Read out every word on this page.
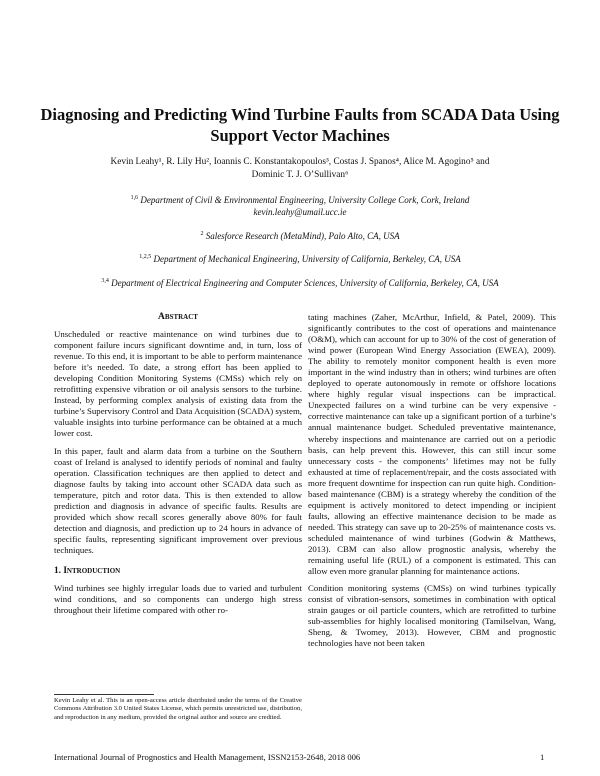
Diagnosing and Predicting Wind Turbine Faults from SCADA Data Using Support Vector Machines
Kevin Leahy¹, R. Lily Hu², Ioannis C. Konstantakopoulos³, Costas J. Spanos⁴, Alice M. Agogino⁵ and
Dominic T. J. O’Sullivan⁶
$^{1,6}$ Department of Civil & Environmental Engineering, University College Cork, Cork, Ireland
kevin.leahy@umail.ucc.ie
$^2$ Salesforce Research (MetaMind), Palo Alto, CA, USA
$^{1,2,5}$ Department of Mechanical Engineering, University of California, Berkeley, CA, USA
$^{3,4}$ Department of Electrical Engineering and Computer Sciences, University of California, Berkeley, CA, USA
Abstract

Unscheduled or reactive maintenance on wind turbines due to component failure incurs significant downtime and, in turn, loss of revenue. To this end, it is important to be able to perform maintenance before it’s needed. To date, a strong effort has been applied to developing Condition Monitoring Systems (CMSs) which rely on retrofitting expensive vibration or oil analysis sensors to the turbine. Instead, by performing complex analysis of existing data from the turbine’s Supervisory Control and Data Acquisition (SCADA) system, valuable insights into turbine performance can be obtained at a much lower cost.

In this paper, fault and alarm data from a turbine on the Southern coast of Ireland is analysed to identify periods of nominal and faulty operation. Classification techniques are then applied to detect and diagnose faults by taking into account other SCADA data such as temperature, pitch and rotor data. This is then extended to allow prediction and diagnosis in advance of specific faults. Results are provided which show recall scores generally above 80% for fault detection and diagnosis, and prediction up to 24 hours in advance of specific faults, representing significant improvement over previous techniques.

1. Introduction

Wind turbines see highly irregular loads due to varied and turbulent wind conditions, and so components can undergo high stress throughout their lifetime compared with other ro-

tating machines (Zaher, McArthur, Infield, & Patel, 2009). This significantly contributes to the cost of operations and maintenance (O&M), which can account for up to 30% of the cost of generation of wind power (European Wind Energy Association (EWEA), 2009). The ability to remotely monitor component health is even more important in the wind industry than in others; wind turbines are often deployed to operate autonomously in remote or offshore locations where highly regular visual inspections can be impractical. Unexpected failures on a wind turbine can be very expensive - corrective maintenance can take up a significant portion of a turbine’s annual maintenance budget. Scheduled preventative maintenance, whereby inspections and maintenance are carried out on a periodic basis, can help prevent this. However, this can still incur some unnecessary costs - the components’ lifetimes may not be fully exhausted at time of replacement/repair, and the costs associated with more frequent downtime for inspection can run quite high. Condition-based maintenance (CBM) is a strategy whereby the condition of the equipment is actively monitored to detect impending or incipient faults, allowing an effective maintenance decision to be made as needed. This strategy can save up to 20-25% of maintenance costs vs. scheduled maintenance of wind turbines (Godwin & Matthews, 2013). CBM can also allow prognostic analysis, whereby the remaining useful life (RUL) of a component is estimated. This can allow even more granular planning for maintenance actions.

Condition monitoring systems (CMSs) on wind turbines typically consist of vibration-sensors, sometimes in combination with optical strain gauges or oil particle counters, which are retrofitted to turbine sub-assemblies for highly localised monitoring (Tamilselvan, Wang, Sheng, & Twomey, 2013). However, CBM and prognostic technologies have not been taken

Kevin Leahy et al. This is an open-access article distributed under the terms of the Creative Commons Attribution 3.0 United States License, which permits unrestricted use, distribution, and reproduction in any medium, provided the original author and source are credited.
International Journal of Prognostics and Health Management, ISSN2153-2648, 2018 006	1
